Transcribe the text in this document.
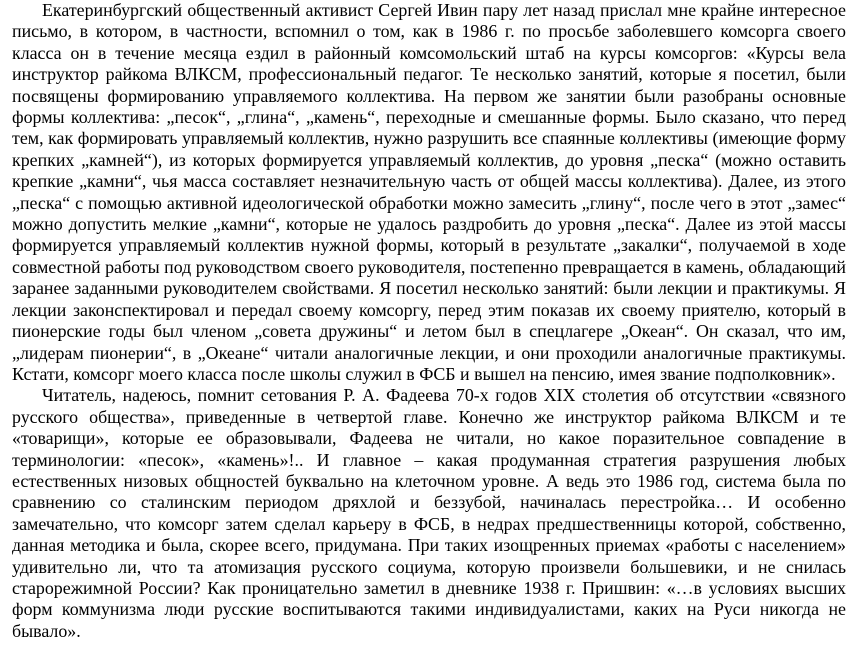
Екатеринбургский общественный активист Сергей Ивин пару лет назад прислал мне крайне интересное письмо, в котором, в частности, вспомнил о том, как в 1986 г. по просьбе заболевшего комсорга своего класса он в течение месяца ездил в районный комсомольский штаб на курсы комсоргов: «Курсы вела инструктор райкома ВЛКСМ, профессиональный педагог. Те несколько занятий, которые я посетил, были посвящены формированию управляемого коллектива. На первом же занятии были разобраны основные формы коллектива: „песок“, „глина“, „камень“, переходные и смешанные формы. Было сказано, что перед тем, как формировать управляемый коллектив, нужно разрушить все спаянные коллективы (имеющие форму крепких „камней“), из которых формируется управляемый коллектив, до уровня „песка“ (можно оставить крепкие „камни“, чья масса составляет незначительную часть от общей массы коллектива). Далее, из этого „песка“ с помощью активной идеологической обработки можно замесить „глину“, после чего в этот „замес“ можно допустить мелкие „камни“, которые не удалось раздробить до уровня „песка“. Далее из этой массы формируется управляемый коллектив нужной формы, который в результате „закалки“, получаемой в ходе совместной работы под руководством своего руководителя, постепенно превращается в камень, обладающий заранее заданными руководителем свойствами. Я посетил несколько занятий: были лекции и практикумы. Я лекции законспектировал и передал своему комсоргу, перед этим показав их своему приятелю, который в пионерские годы был членом „совета дружины“ и летом был в спецлагере „Океан“. Он сказал, что им, „лидерам пионерии“, в „Океане“ читали аналогичные лекции, и они проходили аналогичные практикумы. Кстати, комсорг моего класса после школы служил в ФСБ и вышел на пенсию, имея звание подполковник».

Читатель, надеюсь, помнит сетования Р. А. Фадеева 70-х годов XIX столетия об отсутствии «связного русского общества», приведенные в четвертой главе. Конечно же инструктор райкома ВЛКСМ и те «товарищи», которые ее образовывали, Фадеева не читали, но какое поразительное совпадение в терминологии: «песок», «камень»!.. И главное – какая продуманная стратегия разрушения любых естественных низовых общностей буквально на клеточном уровне. А ведь это 1986 год, система была по сравнению со сталинским периодом дряхлой и беззубой, начиналась перестройка… И особенно замечательно, что комсорг затем сделал карьеру в ФСБ, в недрах предшественницы которой, собственно, данная методика и была, скорее всего, придумана. При таких изощренных приемах «работы с населением» удивительно ли, что та атомизация русского социума, которую произвели большевики, и не снилась старорежимной России? Как проницательно заметил в дневнике 1938 г. Пришвин: «…в условиях высших форм коммунизма люди русские воспитываются такими индивидуалистами, каких на Руси никогда не бывало».
